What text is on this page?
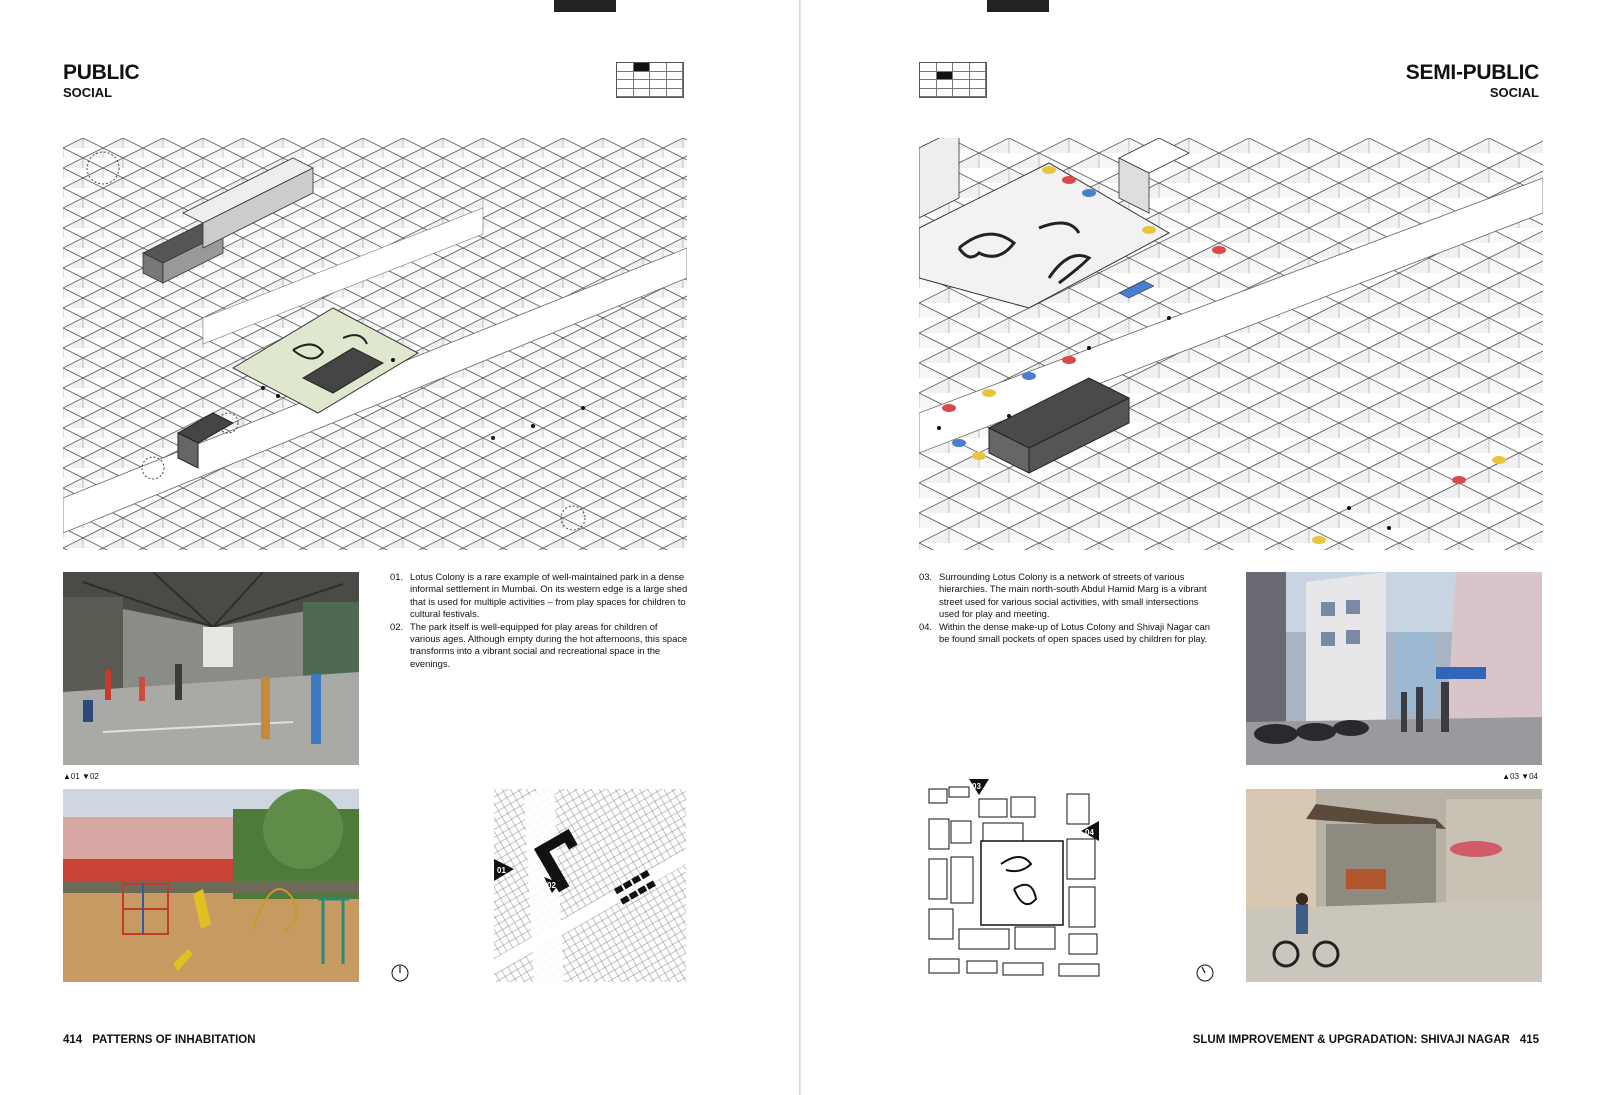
PUBLIC
SOCIAL
▲01 ▼02
01. Lotus Colony is a rare example of well-maintained park in a dense informal settlement in Mumbai. On its western edge is a large shed that is used for multiple activities – from play spaces for children to cultural festivals.
02. The park itself is well-equipped for play areas for children of various ages. Although empty during the hot afternoons, this space transforms into a vibrant social and recreational space in the evenings.
01
02
414 PATTERNS OF INHABITATION
SEMI-PUBLIC
SOCIAL
03. Surrounding Lotus Colony is a network of streets of various hierarchies. The main north-south Abdul Hamid Marg is a vibrant street used for various social activities, with small intersections used for play and meeting.
04. Within the dense make-up of Lotus Colony and Shivaji Nagar can be found small pockets of open spaces used by children for play.
▲03 ▼04
03
04
SLUM IMPROVEMENT & UPGRADATION: SHIVAJI NAGAR 415
